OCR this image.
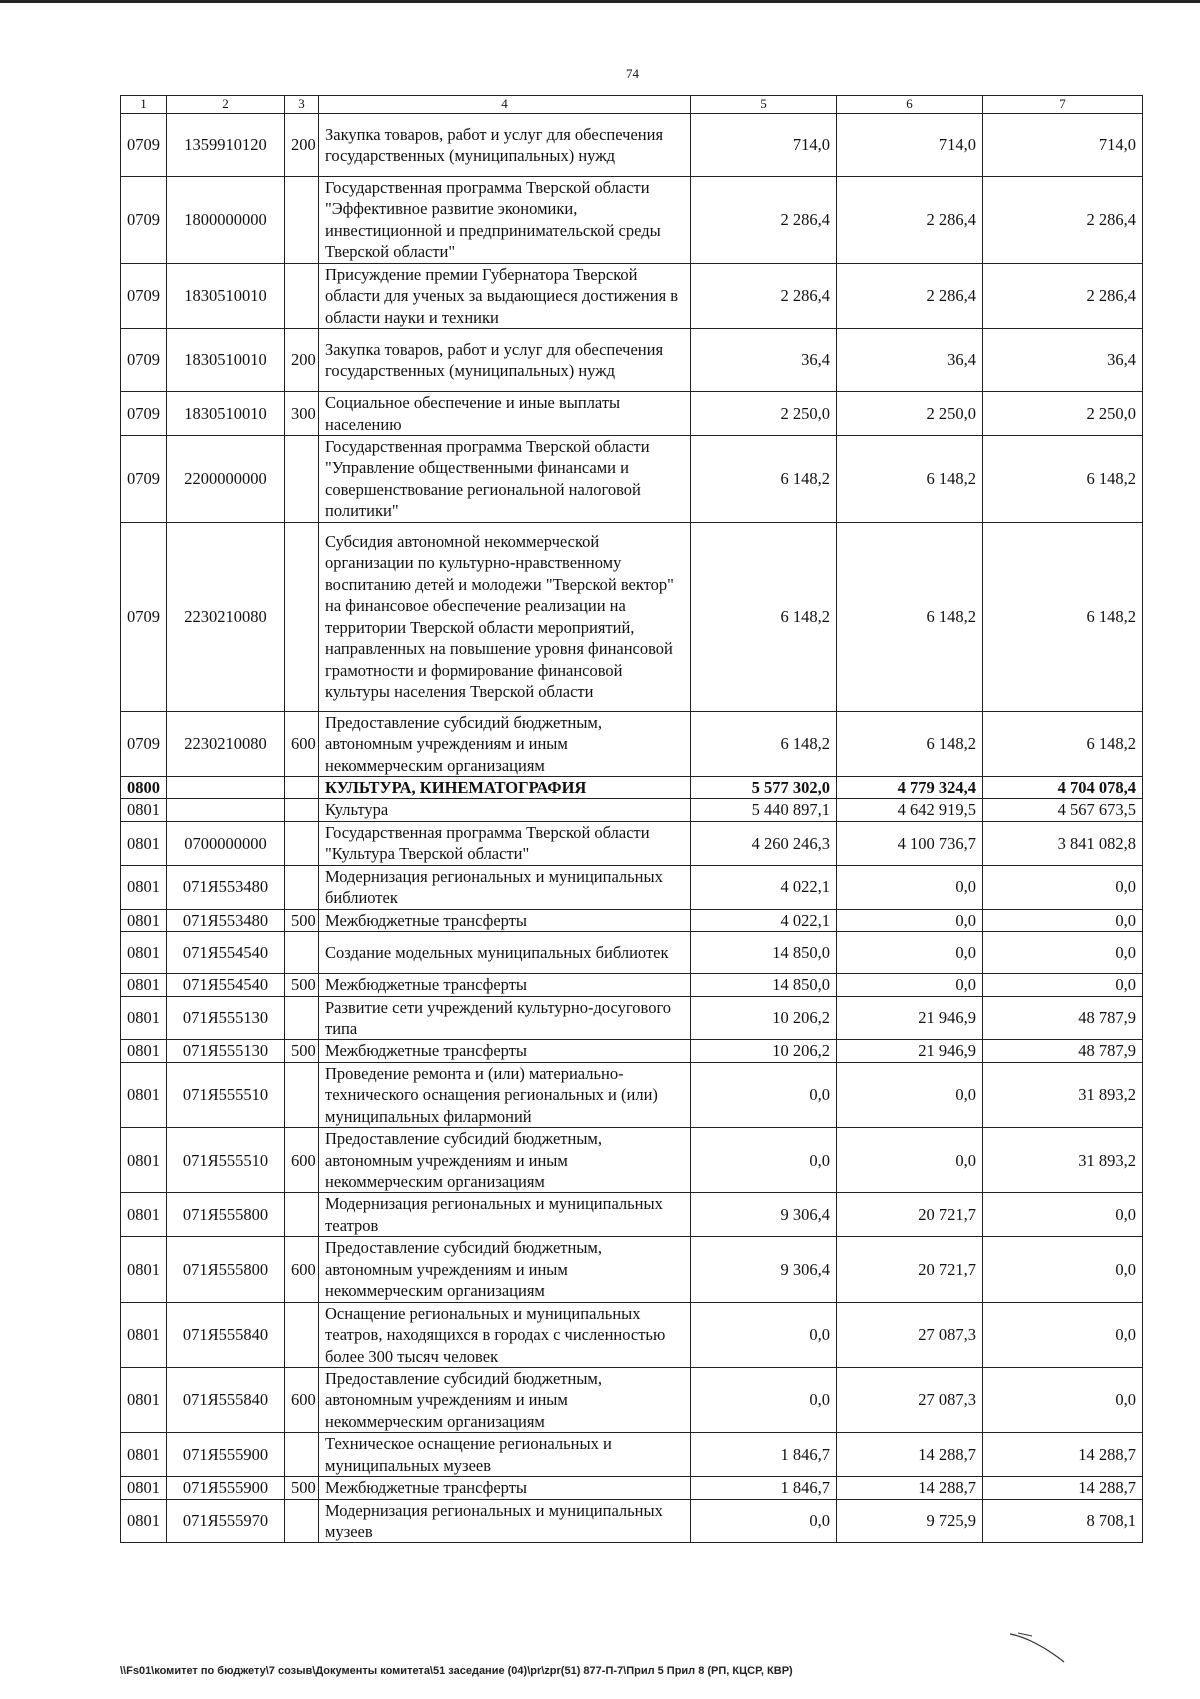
74
1	2	3	4	5	6	7
0709	1359910120	200	Закупка товаров, работ и услуг для обеспечения государственных (муниципальных) нужд	714,0	714,0	714,0
0709	1800000000		Государственная программа Тверской области "Эффективное развитие экономики, инвестиционной и предпринимательской среды Тверской области"	2 286,4	2 286,4	2 286,4
0709	1830510010		Присуждение премии Губернатора Тверской области для ученых за выдающиеся достижения в области науки и техники	2 286,4	2 286,4	2 286,4
0709	1830510010	200	Закупка товаров, работ и услуг для обеспечения государственных (муниципальных) нужд	36,4	36,4	36,4
0709	1830510010	300	Социальное обеспечение и иные выплаты населению	2 250,0	2 250,0	2 250,0
0709	2200000000		Государственная программа Тверской области "Управление общественными финансами и совершенствование региональной налоговой политики"	6 148,2	6 148,2	6 148,2
0709	2230210080		Субсидия автономной некоммерческой организации по культурно-нравственному воспитанию детей и молодежи "Тверской вектор" на финансовое обеспечение реализации на территории Тверской области мероприятий, направленных на повышение уровня финансовой грамотности и формирование финансовой культуры населения Тверской области	6 148,2	6 148,2	6 148,2
0709	2230210080	600	Предоставление субсидий бюджетным, автономным учреждениям и иным некоммерческим организациям	6 148,2	6 148,2	6 148,2
0800			КУЛЬТУРА, КИНЕМАТОГРАФИЯ	5 577 302,0	4 779 324,4	4 704 078,4
0801			Культура	5 440 897,1	4 642 919,5	4 567 673,5
0801	0700000000		Государственная программа Тверской области "Культура Тверской области"	4 260 246,3	4 100 736,7	3 841 082,8
0801	071Я553480		Модернизация региональных и муниципальных библиотек	4 022,1	0,0	0,0
0801	071Я553480	500	Межбюджетные трансферты	4 022,1	0,0	0,0
0801	071Я554540		Создание модельных муниципальных библиотек	14 850,0	0,0	0,0
0801	071Я554540	500	Межбюджетные трансферты	14 850,0	0,0	0,0
0801	071Я555130		Развитие сети учреждений культурно-досугового типа	10 206,2	21 946,9	48 787,9
0801	071Я555130	500	Межбюджетные трансферты	10 206,2	21 946,9	48 787,9
0801	071Я555510		Проведение ремонта и (или) материально-технического оснащения региональных и (или) муниципальных филармоний	0,0	0,0	31 893,2
0801	071Я555510	600	Предоставление субсидий бюджетным, автономным учреждениям и иным некоммерческим организациям	0,0	0,0	31 893,2
0801	071Я555800		Модернизация региональных и муниципальных театров	9 306,4	20 721,7	0,0
0801	071Я555800	600	Предоставление субсидий бюджетным, автономным учреждениям и иным некоммерческим организациям	9 306,4	20 721,7	0,0
0801	071Я555840		Оснащение региональных и муниципальных театров, находящихся в городах с численностью более 300 тысяч человек	0,0	27 087,3	0,0
0801	071Я555840	600	Предоставление субсидий бюджетным, автономным учреждениям и иным некоммерческим организациям	0,0	27 087,3	0,0
0801	071Я555900		Техническое оснащение региональных и муниципальных музеев	1 846,7	14 288,7	14 288,7
0801	071Я555900	500	Межбюджетные трансферты	1 846,7	14 288,7	14 288,7
0801	071Я555970		Модернизация региональных и муниципальных музеев	0,0	9 725,9	8 708,1
\\Fs01\комитет по бюджету\7 созыв\Документы комитета\51 заседание (04)\pr\zpr(51) 877-П-7\Прил 5 Прил 8 (РП, КЦСР, КВР)
